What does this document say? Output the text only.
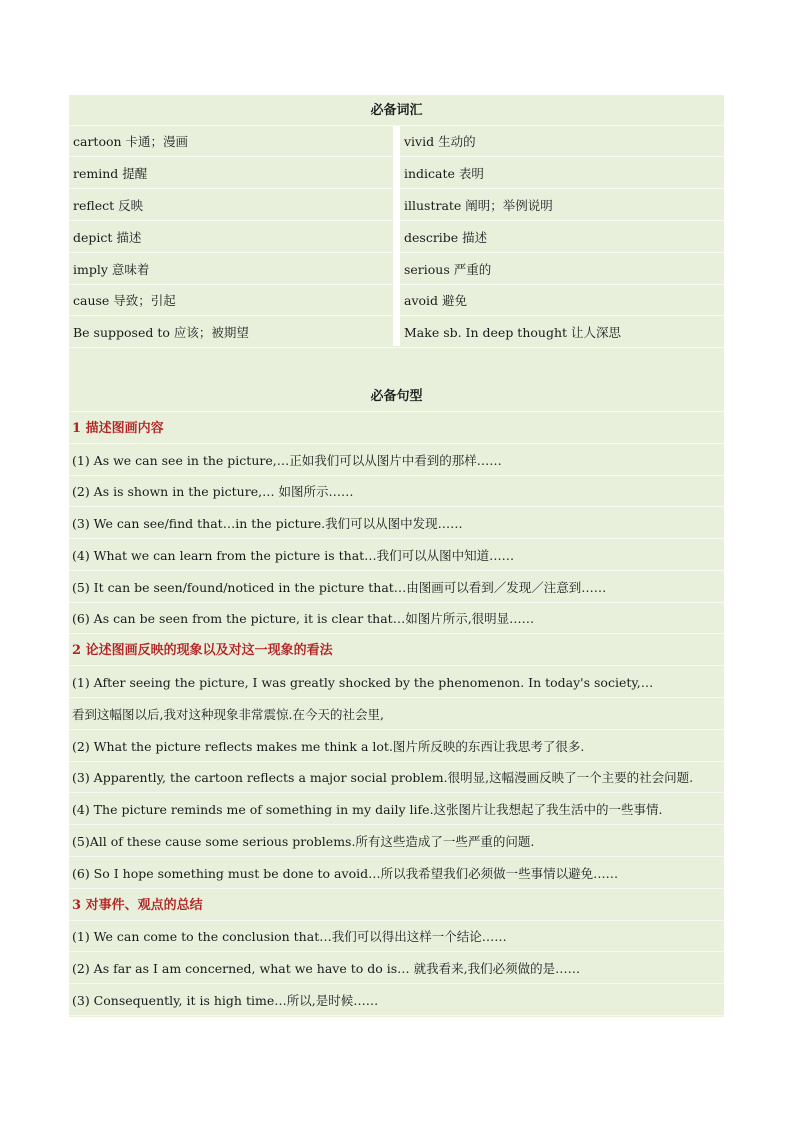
必备词汇
cartoon 卡通；漫画	vivid 生动的
remind 提醒	indicate 表明
reflect 反映	illustrate 阐明；举例说明
depict 描述	describe 描述
imply 意味着	serious 严重的
cause 导致；引起	avoid 避免
Be supposed to 应该；被期望	Make sb. In deep thought 让人深思
必备句型
1 描述图画内容
(1) As we can see in the picture,…正如我们可以从图片中看到的那样……
(2) As is shown in the picture,… 如图所示……
(3) We can see/find that…in the picture.我们可以从图中发现……
(4) What we can learn from the picture is that…我们可以从图中知道……
(5) It can be seen/found/noticed in the picture that…由图画可以看到／发现／注意到……
(6) As can be seen from the picture, it is clear that…如图片所示,很明显……
2 论述图画反映的现象以及对这一现象的看法
(1) After seeing the picture, I was greatly shocked by the phenomenon. In today's society,…
看到这幅图以后,我对这种现象非常震惊.在今天的社会里,
(2) What the picture reflects makes me think a lot.图片所反映的东西让我思考了很多.
(3) Apparently, the cartoon reflects a major social problem.很明显,这幅漫画反映了一个主要的社会问题.
(4) The picture reminds me of something in my daily life.这张图片让我想起了我生活中的一些事情.
(5)All of these cause some serious problems.所有这些造成了一些严重的问题.
(6) So I hope something must be done to avoid…所以我希望我们必须做一些事情以避免……
3 对事件、观点的总结
(1) We can come to the conclusion that…我们可以得出这样一个结论……
(2) As far as I am concerned, what we have to do is… 就我看来,我们必须做的是……
(3) Consequently, it is high time…所以,是时候……
